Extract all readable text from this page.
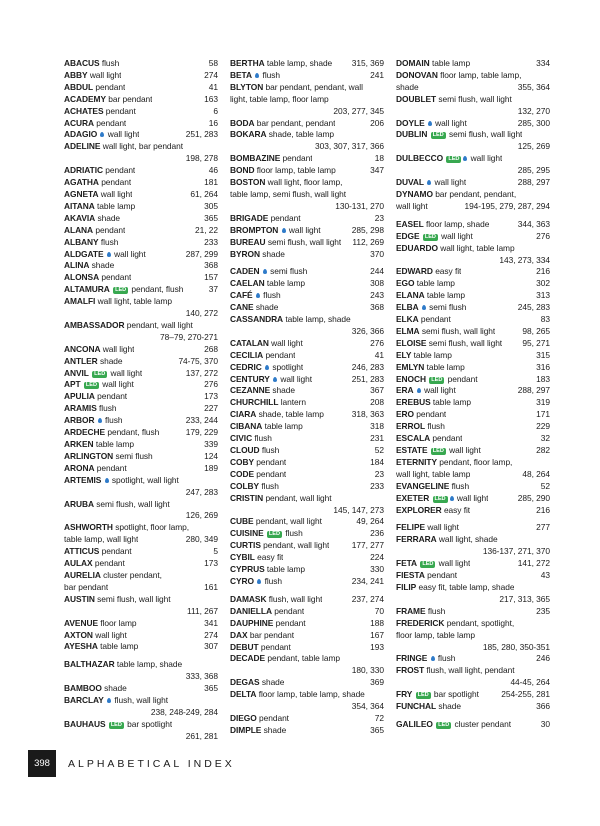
ABACUS flush	58
ABBY wall light	274
ABDUL pendant	41
ACADEMY bar pendant	163
ACHATES pendant	6
ACURA pendant	16
ADAGIO wall light	251, 283
ADELINE wall light, bar pendant
198, 278
ADRIATIC pendant	46
AGATHA pendant	181
AGNETA wall light	61, 264
AITANA table lamp	305
AKAVIA shade	365
ALANA pendant	21, 22
ALBANY flush	233
ALDGATE wall light	287, 299
ALINA shade	368
ALONSA pendant	157
ALTAMURA LED pendant, flush	37
AMALFI wall light, table lamp
140, 272
AMBASSADOR pendant, wall light
78–79, 270-271
ANCONA wall light	268
ANTLER shade	74-75, 370
ANVIL LED wall light	137, 272
APT LED wall light	276
APULIA pendant	173
ARAMIS flush	227
ARBOR flush	233, 244
ARDECHE pendant, flush	179, 229
ARKEN table lamp	339
ARLINGTON semi flush	124
ARONA pendant	189
ARTEMIS spotlight, wall light
247, 283
ARUBA semi flush, wall light
126, 269
ASHWORTH spotlight, floor lamp,
table lamp, wall light	280, 349
ATTICUS pendant	5
AULAX pendant	173
AURELIA cluster pendant,
bar pendant	161
AUSTIN semi flush, wall light
111, 267
AVENUE floor lamp	341
AXTON wall light	274
AYESHA table lamp	307
BALTHAZAR table lamp, shade
333, 368
BAMBOO shade	365
BARCLAY flush, wall light
238, 248-249, 284
BAUHAUS LED bar spotlight
261, 281
BERTHA table lamp, shade	315, 369
BETA flush	241
BLYTON bar pendant, pendant, wall
light, table lamp, floor lamp
203, 277, 345
BODA bar pendant, pendant	206
BOKARA shade, table lamp
303, 307, 317, 366
BOMBAZINE pendant	18
BOND floor lamp, table lamp	347
BOSTON wall light, floor lamp,
table lamp, semi flush, wall light
130-131, 270
BRIGADE pendant	23
BROMPTON wall light	285, 298
BUREAU semi flush, wall light	112, 269
BYRON shade	370
CADEN semi flush	244
CAELAN table lamp	308
CAFÉ flush	243
CANE shade	368
CASSANDRA table lamp, shade
326, 366
CATALAN wall light	276
CECILIA pendant	41
CEDRIC spotlight	246, 283
CENTURY wall light	251, 283
CEZANNE shade	367
CHURCHILL lantern	208
CIARA shade, table lamp	318, 363
CIBANA table lamp	318
CIVIC flush	231
CLOUD flush	52
COBY pendant	184
CODE pendant	23
COLBY flush	233
CRISTIN pendant, wall light
145, 147, 273
CUBE pendant, wall light	49, 264
CUISINE LED flush	236
CURTIS pendant, wall light	177, 277
CYBIL easy fit	224
CYPRUS table lamp	330
CYRO flush	234, 241
DAMASK flush, wall light	237, 274
DANIELLA pendant	70
DAUPHINE pendant	188
DAX bar pendant	167
DEBUT pendant	193
DECADE pendant, table lamp
180, 330
DEGAS shade	369
DELTA floor lamp, table lamp, shade
354, 364
DIEGO pendant	72
DIMPLE shade	365
DOMAIN table lamp	334
DONOVAN floor lamp, table lamp,
shade	355, 364
DOUBLET semi flush, wall light
132, 270
DOYLE wall light	285, 300
DUBLIN LED semi flush, wall light
125, 269
DULBECCO LED wall light
285, 295
DUVAL wall light	288, 297
DYNAMO bar pendant, pendant,
wall light	194-195, 279, 287, 294
EASEL floor lamp, shade	344, 363
EDGE LED wall light	276
EDUARDO wall light, table lamp
143, 273, 334
EDWARD easy fit	216
EGO table lamp	302
ELANA table lamp	313
ELBA semi flush	245, 283
ELKA pendant	83
ELMA semi flush, wall light	98, 265
ELOISE semi flush, wall light	95, 271
ELY table lamp	315
EMLYN table lamp	316
ENOCH LED pendant	183
ERA wall light	288, 297
EREBUS table lamp	319
ERO pendant	171
ERROL flush	229
ESCALA pendant	32
ESTATE LED wall light	282
ETERNITY pendant, floor lamp,
wall light, table lamp	48, 264
EVANGELINE flush	52
EXETER LED wall light	285, 290
EXPLORER easy fit	216
FELIPE wall light	277
FERRARA wall light, shade
136-137, 271, 370
FETA LED wall light	141, 272
FIESTA pendant	43
FILIP easy fit, table lamp, shade
217, 313, 365
FRAME flush	235
FREDERICK pendant, spotlight,
floor lamp, table lamp
185, 280, 350-351
FRINGE flush	246
FROST flush, wall light, pendant
44-45, 264
FRY LED bar spotlight	254-255, 281
FUNCHAL shade	366
GALILEO LED cluster pendant	30
398	ALPHABETICAL INDEX
